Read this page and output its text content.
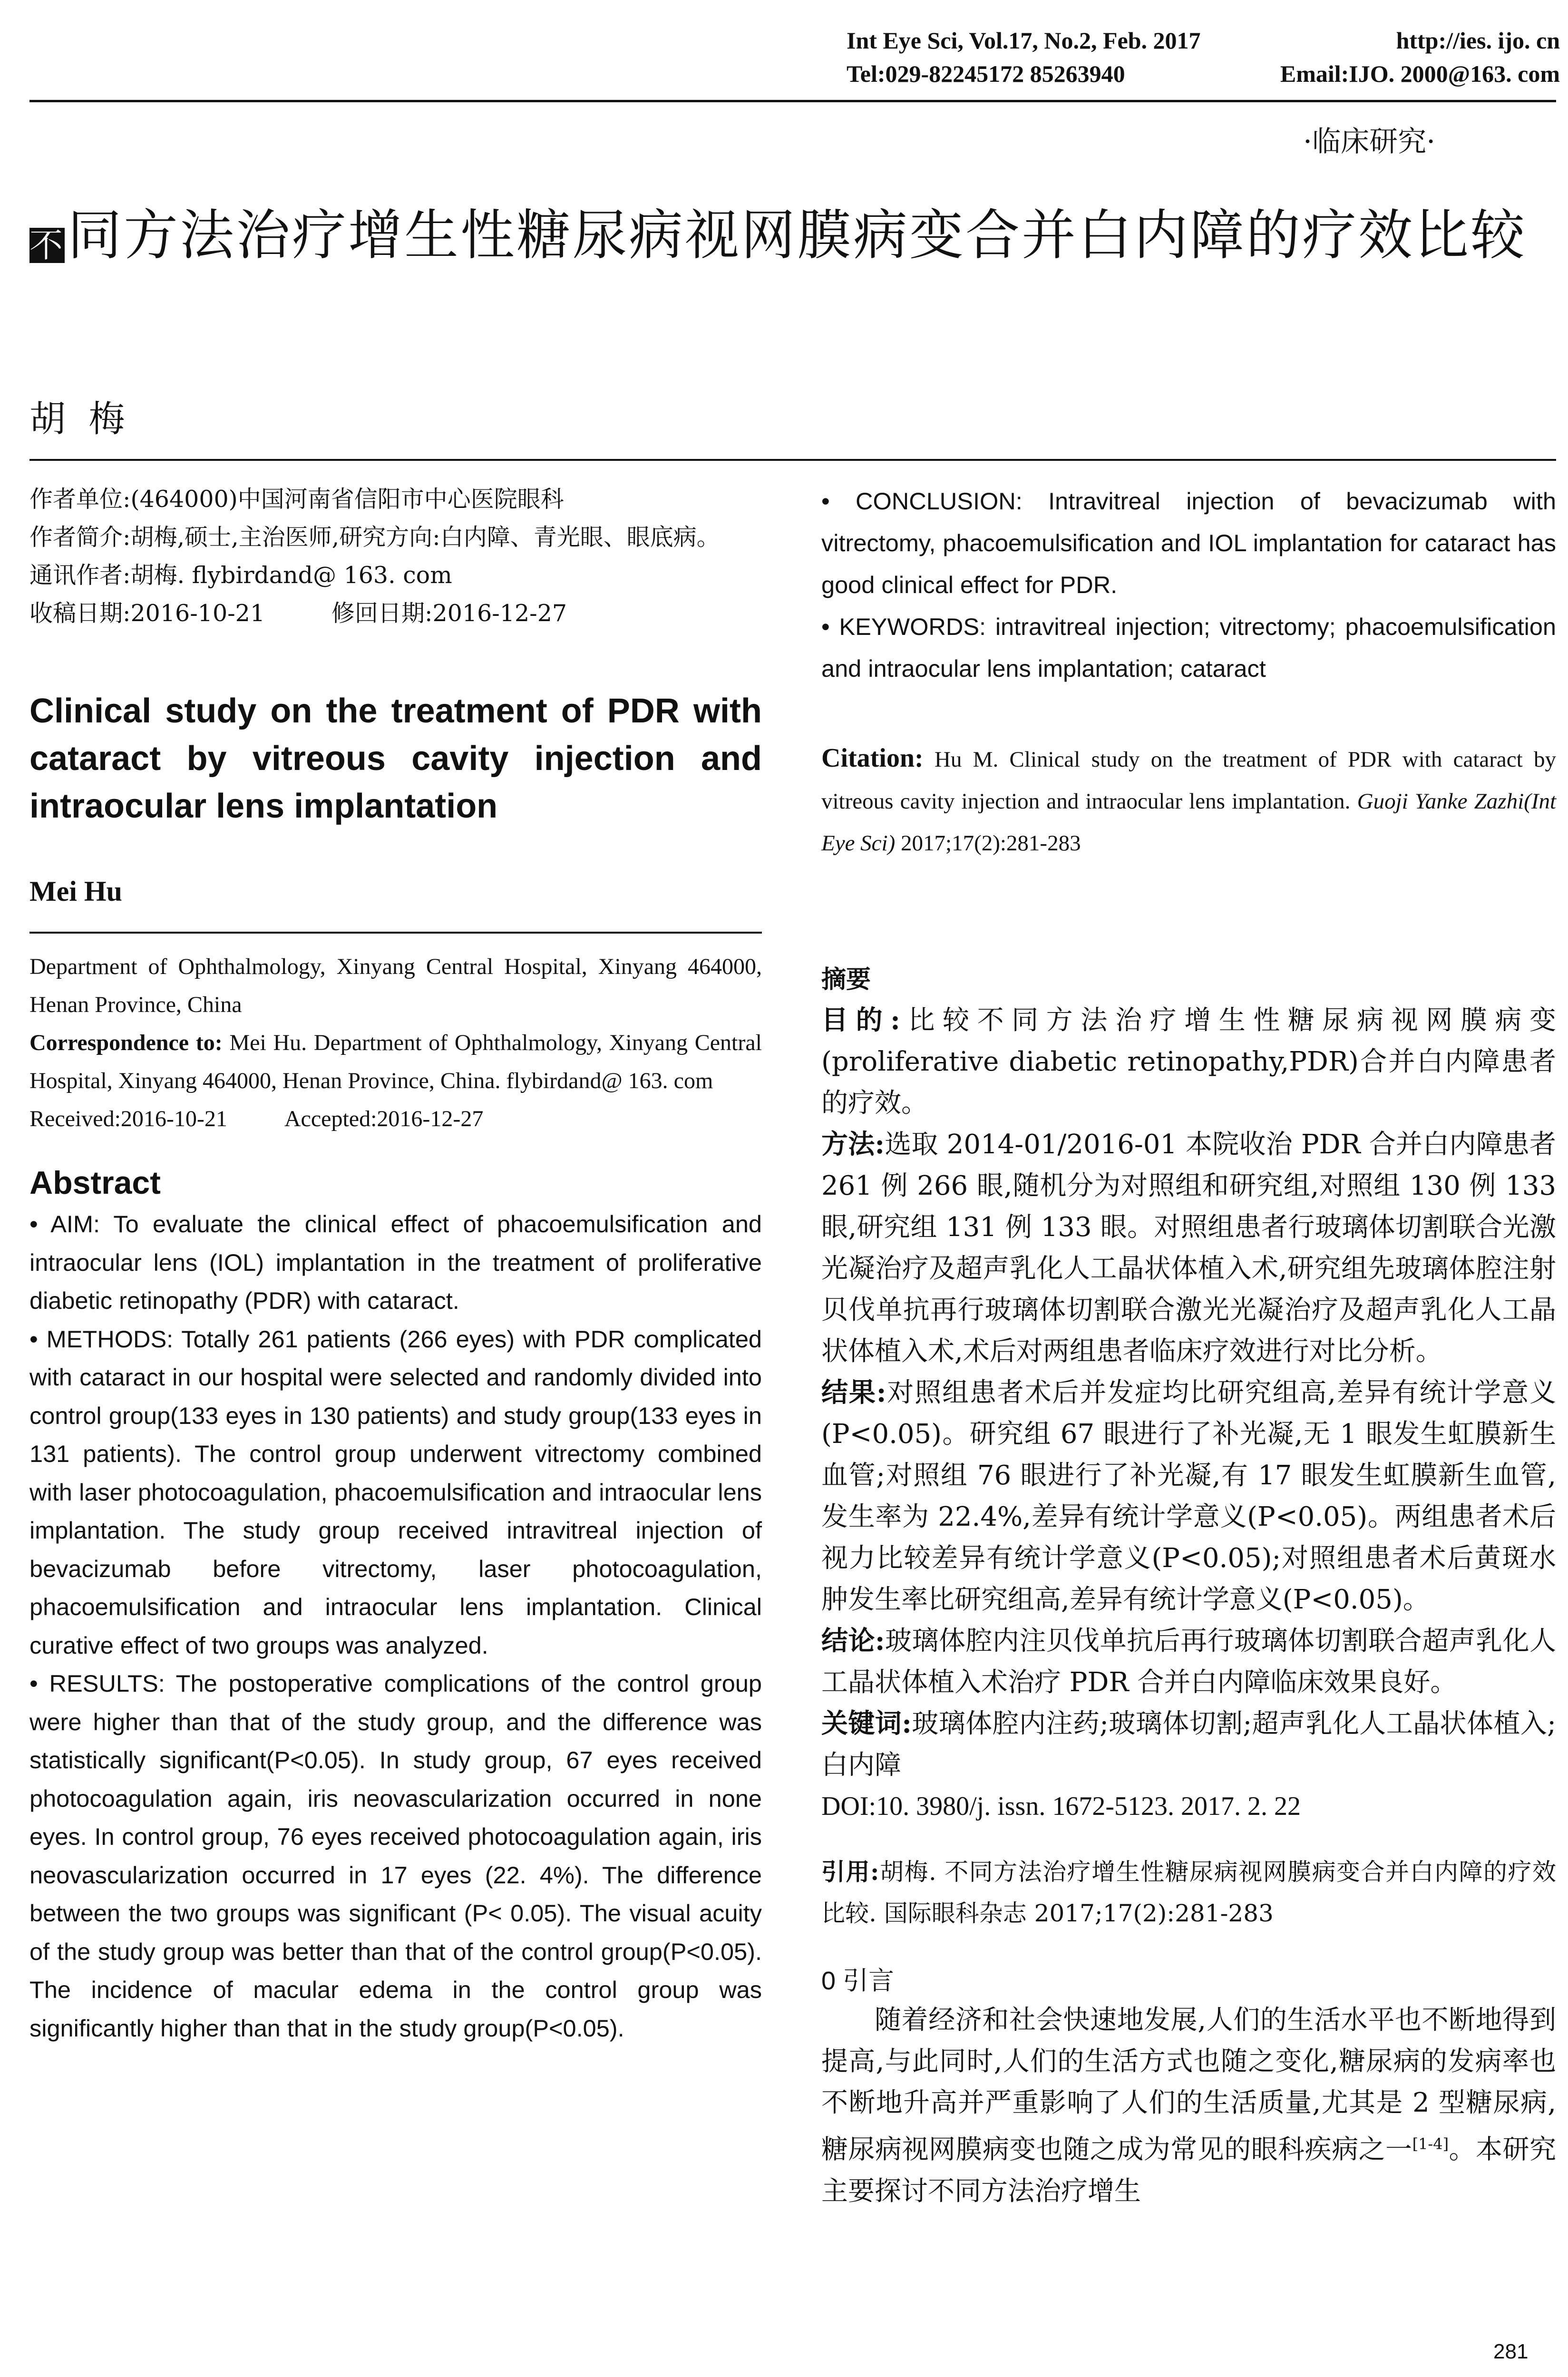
Int Eye Sci, Vol.17, No.2, Feb. 2017	http://ies. ijo. cn
Tel:029-82245172 85263940	Email:IJO. 2000@163. com
·临床研究·
不同方法治疗增生性糖尿病视网膜病变合并白内障的疗效比较
胡  梅

作者单位:(464000)中国河南省信阳市中心医院眼科

作者简介:胡梅,硕士,主治医师,研究方向:白内障、青光眼、眼底病。

通讯作者:胡梅. flybirdand@ 163. com

收稿日期:2016-10-21	修回日期:2016-12-27

Clinical study on the treatment of PDR with cataract by vitreous cavity injection and intraocular lens implantation
Mei Hu

Department of Ophthalmology, Xinyang Central Hospital, Xinyang 464000, Henan Province, China

Correspondence to: Mei Hu. Department of Ophthalmology, Xinyang Central Hospital, Xinyang 464000, Henan Province, China. flybirdand@ 163. com

Received:2016-10-21	Accepted:2016-12-27

Abstract

• AIM: To evaluate the clinical effect of phacoemulsification and intraocular lens (IOL) implantation in the treatment of proliferative diabetic retinopathy (PDR) with cataract.

• METHODS: Totally 261 patients (266 eyes) with PDR complicated with cataract in our hospital were selected and randomly divided into control group(133 eyes in 130 patients) and study group(133 eyes in 131 patients). The control group underwent vitrectomy combined with laser photocoagulation, phacoemulsification and intraocular lens implantation. The study group received intravitreal injection of bevacizumab before vitrectomy, laser photocoagulation, phacoemulsification and intraocular lens implantation. Clinical curative effect of two groups was analyzed.

• RESULTS: The postoperative complications of the control group were higher than that of the study group, and the difference was statistically significant(P<0.05). In study group, 67 eyes received photocoagulation again, iris neovascularization occurred in none eyes. In control group, 76 eyes received photocoagulation again, iris neovascularization occurred in 17 eyes (22. 4%). The difference between the two groups was significant (P< 0.05). The visual acuity of the study group was better than that of the control group(P<0.05). The incidence of macular edema in the control group was significantly higher than that in the study group(P<0.05).

• CONCLUSION: Intravitreal injection of bevacizumab with vitrectomy, phacoemulsification and IOL implantation for cataract has good clinical effect for PDR.

• KEYWORDS: intravitreal injection; vitrectomy; phacoemulsification and intraocular lens implantation; cataract

Citation: Hu M. Clinical study on the treatment of PDR with cataract by vitreous cavity injection and intraocular lens implantation. Guoji Yanke Zazhi(Int Eye Sci) 2017;17(2):281-283
摘要

目的:比较不同方法治疗增生性糖尿病视网膜病变(proliferative diabetic retinopathy,PDR)合并白内障患者的疗效。

方法:选取 2014-01/2016-01 本院收治 PDR 合并白内障患者 261 例 266 眼,随机分为对照组和研究组,对照组 130 例 133 眼,研究组 131 例 133 眼。对照组患者行玻璃体切割联合光激光凝治疗及超声乳化人工晶状体植入术,研究组先玻璃体腔注射贝伐单抗再行玻璃体切割联合激光光凝治疗及超声乳化人工晶状体植入术,术后对两组患者临床疗效进行对比分析。

结果:对照组患者术后并发症均比研究组高,差异有统计学意义(P<0.05)。研究组 67 眼进行了补光凝,无 1 眼发生虹膜新生血管;对照组 76 眼进行了补光凝,有 17 眼发生虹膜新生血管,发生率为 22.4%,差异有统计学意义(P<0.05)。两组患者术后视力比较差异有统计学意义(P<0.05);对照组患者术后黄斑水肿发生率比研究组高,差异有统计学意义(P<0.05)。

结论:玻璃体腔内注贝伐单抗后再行玻璃体切割联合超声乳化人工晶状体植入术治疗 PDR 合并白内障临床效果良好。

关键词:玻璃体腔内注药;玻璃体切割;超声乳化人工晶状体植入;白内障

DOI:10. 3980/j. issn. 1672-5123. 2017. 2. 22

引用:胡梅. 不同方法治疗增生性糖尿病视网膜病变合并白内障的疗效比较. 国际眼科杂志 2017;17(2):281-283
0 引言
随着经济和社会快速地发展,人们的生活水平也不断地得到提高,与此同时,人们的生活方式也随之变化,糖尿病的发病率也不断地升高并严重影响了人们的生活质量,尤其是 2 型糖尿病,糖尿病视网膜病变也随之成为常见的眼科疾病之一[1-4]。本研究主要探讨不同方法治疗增生
281
